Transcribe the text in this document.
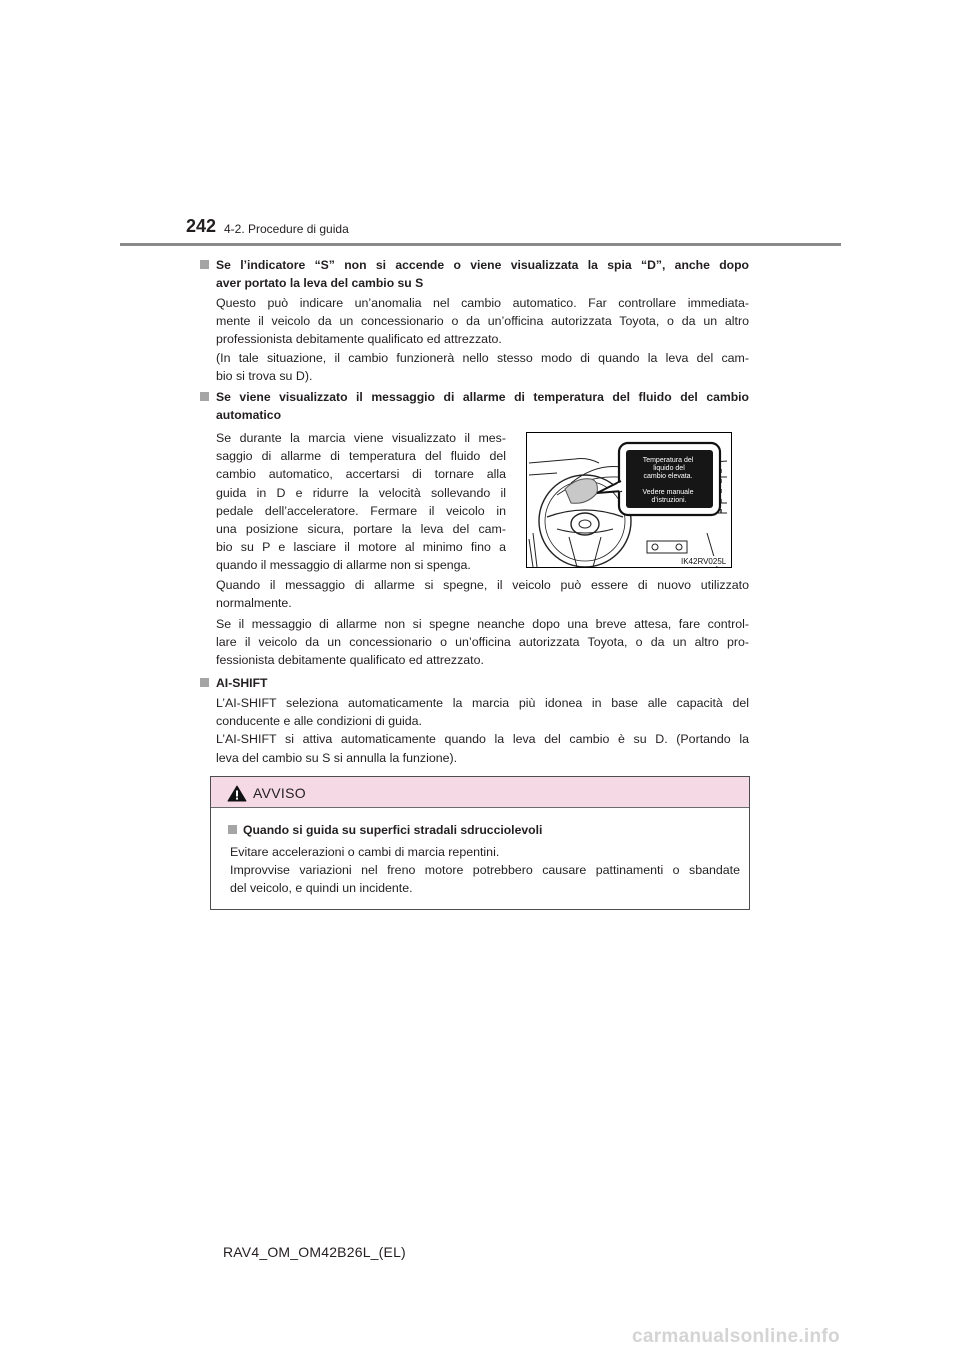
242 4-2. Procedure di guida
Se l’indicatore “S” non si accende o viene visualizzata la spia “D”, anche dopo
aver portato la leva del cambio su S
Questo può indicare un’anomalia nel cambio automatico. Far controllare immediata-
mente il veicolo da un concessionario o da un’officina autorizzata Toyota, o da un altro
professionista debitamente qualificato ed attrezzato.
(In tale situazione, il cambio funzionerà nello stesso modo di quando la leva del cam-
bio si trova su D).
Se viene visualizzato il messaggio di allarme di temperatura del fluido del cambio
automatico
Se durante la marcia viene visualizzato il mes-
saggio di allarme di temperatura del fluido del
cambio automatico, accertarsi di tornare alla
guida in D e ridurre la velocità sollevando il
pedale dell’acceleratore. Fermare il veicolo in
una posizione sicura, portare la leva del cam-
bio su P e lasciare il motore al minimo fino a
quando il messaggio di allarme non si spenga.
Temperatura del
liquido del
cambio elevata.
Vedere manuale
d’istruzioni.
IK42RV025L
Quando il messaggio di allarme si spegne, il veicolo può essere di nuovo utilizzato
normalmente.
Se il messaggio di allarme non si spegne neanche dopo una breve attesa, fare control-
lare il veicolo da un concessionario o un’officina autorizzata Toyota, o da un altro pro-
fessionista debitamente qualificato ed attrezzato.
AI-SHIFT
L’AI-SHIFT seleziona automaticamente la marcia più idonea in base alle capacità del
conducente e alle condizioni di guida.
L’AI-SHIFT si attiva automaticamente quando la leva del cambio è su D. (Portando la
leva del cambio su S si annulla la funzione).
AVVISO
Quando si guida su superfici stradali sdrucciolevoli
Evitare accelerazioni o cambi di marcia repentini.
Improvvise variazioni nel freno motore potrebbero causare pattinamenti o sbandate
del veicolo, e quindi un incidente.
RAV4_OM_OM42B26L_(EL)
carmanualsonline.info
